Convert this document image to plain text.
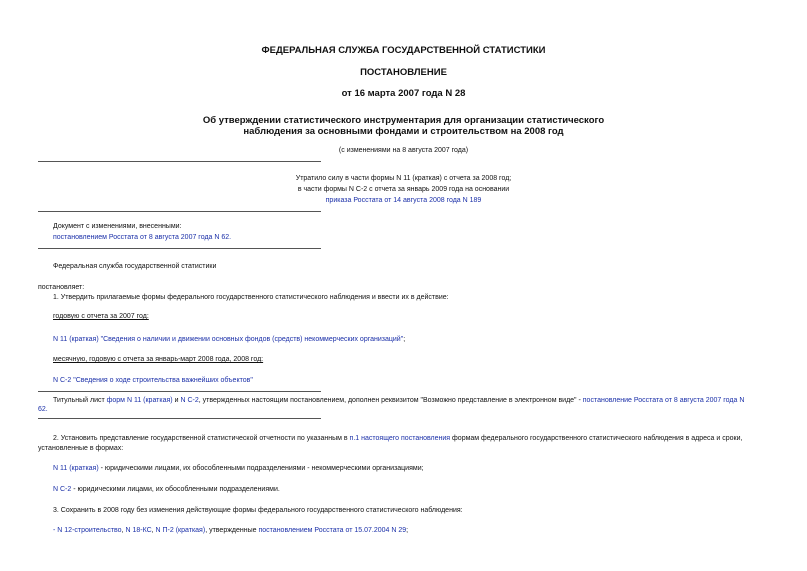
ФЕДЕРАЛЬНАЯ СЛУЖБА ГОСУДАРСТВЕННОЙ СТАТИСТИКИ
ПОСТАНОВЛЕНИЕ
от 16 марта 2007 года N 28
Об утверждении статистического инструментария для организации статистического
наблюдения за основными фондами и строительством на 2008 год
(с изменениями на 8 августа 2007 года)
Утратило силу в части формы N 11 (краткая) с отчета за 2008 год;
в части формы N С-2 с отчета за январь 2009 года на основании
приказа Росстата от 14 августа 2008 года N 189
Документ с изменениями, внесенными:
постановлением Росстата от 8 августа 2007 года N 62.
Федеральная служба государственной статистики
постановляет:
1. Утвердить прилагаемые формы федерального государственного статистического наблюдения и ввести их в действие:
годовую с отчета за 2007 год:
N 11 (краткая) "Сведения о наличии и движении основных фондов (средств) некоммерческих организаций";
месячную, годовую с отчета за январь-март 2008 года, 2008 год:
N С-2 "Сведения о ходе строительства важнейших объектов"
Титульный лист форм N 11 (краткая) и N С-2, утвержденных настоящим постановлением, дополнен реквизитом "Возможно представление в электронном виде" - постановление Росстата от 8 августа 2007 года N
62.
2. Установить представление государственной статистической отчетности по указанным в п.1 настоящего постановления формам федерального государственного статистического наблюдения в адреса и сроки,
установленные в формах:
N 11 (краткая) - юридическими лицами, их обособленными подразделениями - некоммерческими организациями;
N С-2 - юридическими лицами, их обособленными подразделениями.
3. Сохранить в 2008 году без изменения действующие формы федерального государственного статистического наблюдения:
- N 12-строительство, N 18-КС, N П-2 (краткая), утвержденные постановлением Росстата от 15.07.2004 N 29;
